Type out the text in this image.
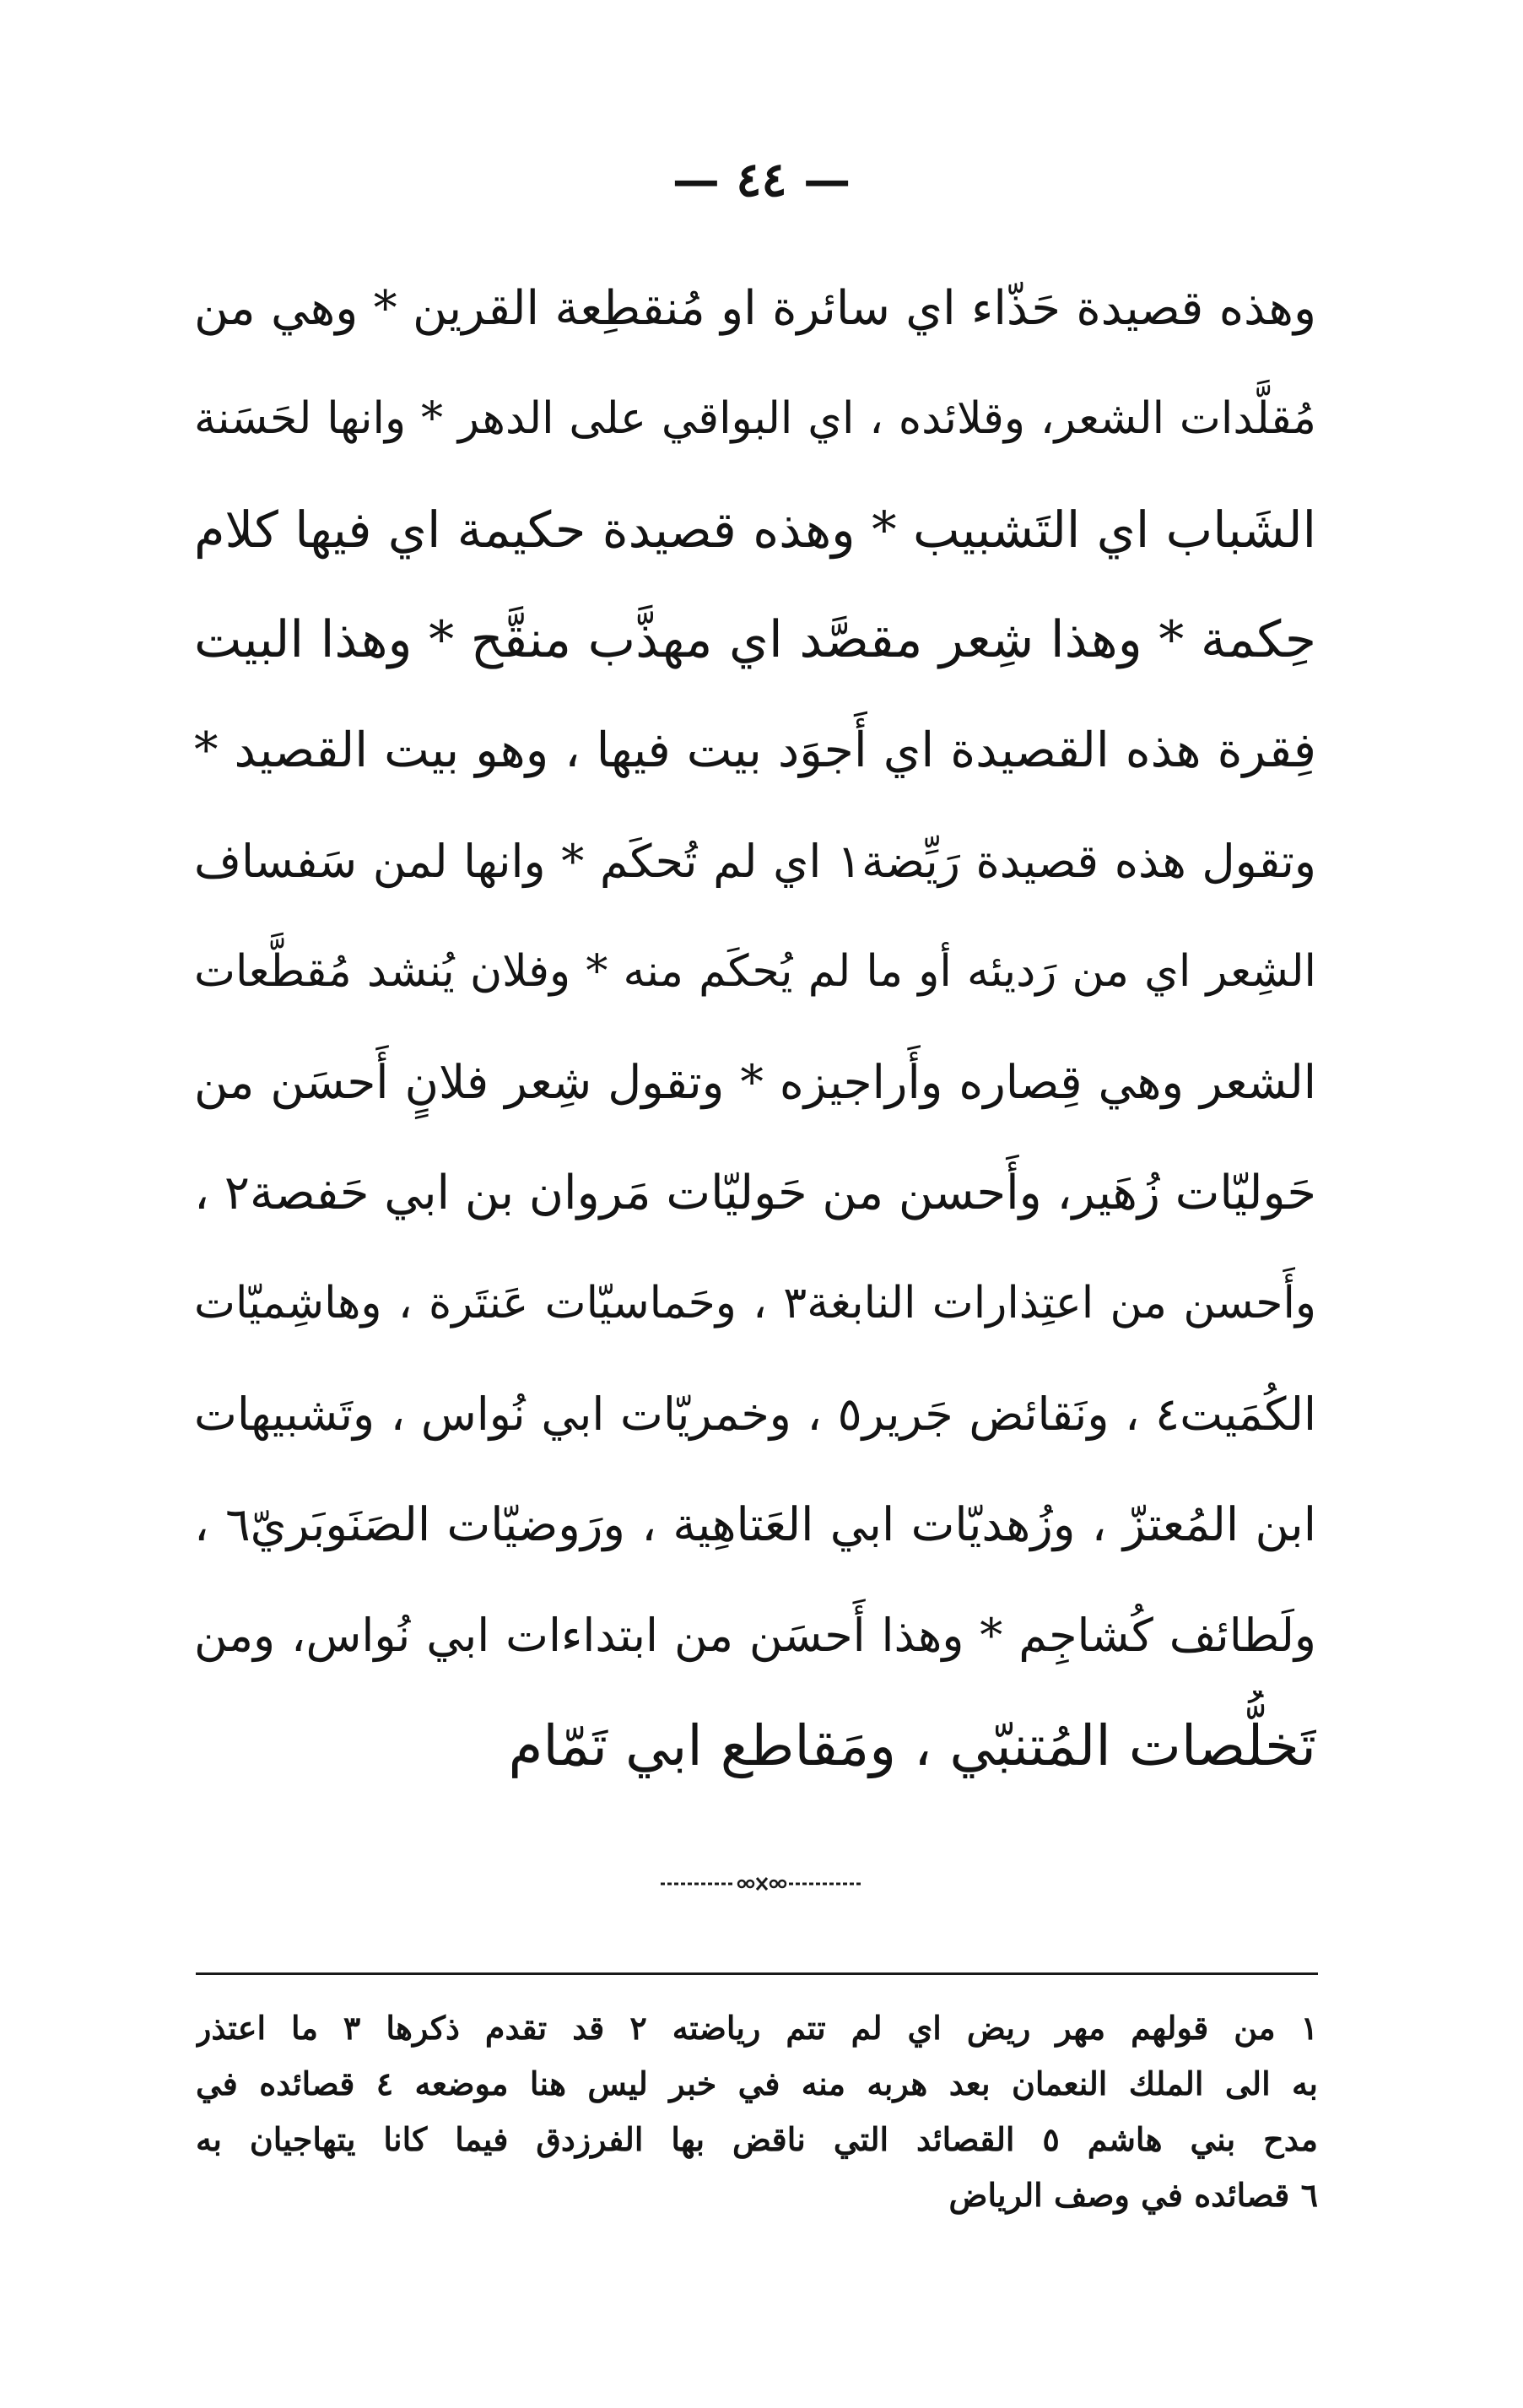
— ٤٤ —
وهذه قصيدة حَذّاء اي سائرة او مُنقطِعة القرين * وهي من
مُقلَّدات الشعر، وقلائده ، اي البواقي على الدهر * وانها لحَسَنة
الشَباب اي التَشبيب * وهذه قصيدة حكيمة اي فيها كلام
حِكمة * وهذا شِعر مقصَّد اي مهذَّب منقَّح * وهذا البيت
فِقرة هذه القصيدة اي أَجوَد بيت فيها ، وهو بيت القصيد *
وتقول هذه قصيدة رَيِّضة١ اي لم تُحكَم * وانها لمن سَفساف
الشِعر اي من رَديئه أو ما لم يُحكَم منه * وفلان يُنشد مُقطَّعات
الشعر وهي قِصاره وأَراجيزه * وتقول شِعر فلانٍ أَحسَن من
حَوليّات زُهَير، وأَحسن من حَوليّات مَروان بن ابي حَفصة٢ ،
وأَحسن من اعتِذارات النابغة٣ ، وحَماسيّات عَنتَرة ، وهاشِميّات
الكُمَيت٤ ، ونَقائض جَرير٥ ، وخمريّات ابي نُواس ، وتَشبيهات
ابن المُعتزّ ، وزُهديّات ابي العَتاهِية ، ورَوضيّات الصَنَوبَريّ٦ ،
ولَطائف كُشاجِم * وهذا أَحسَن من ابتداءات ابي نُواس، ومن
تَخلُّصات المُتنبّي ، ومَقاطع ابي تَمّام
١ من قولهم مهر ريض اي لم تتم رياضته ٢ قد تقدم ذكرها ٣ ما اعتذر
به الى الملك النعمان بعد هربه منه في خبر ليس هنا موضعه ٤ قصائده في
مدح بني هاشم ٥ القصائد التي ناقض بها الفرزدق فيما كانا يتهاجيان به
٦ قصائده في وصف الرياض
